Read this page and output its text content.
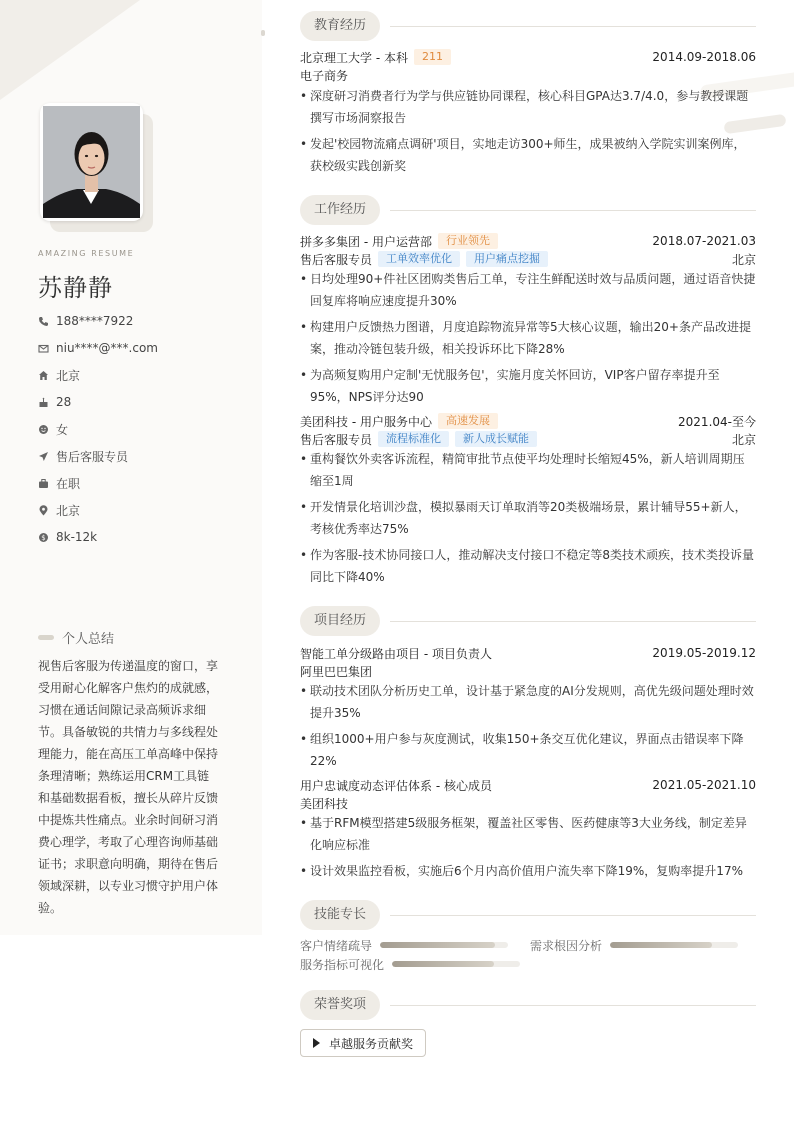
AMAZING RESUME
苏静静
188****7922
niu****@***.com
北京
28
女
售后客服专员
在职
北京
$ 8k-12k
个人总结
视售后客服为传递温度的窗口，享受用耐心化解客户焦灼的成就感，习惯在通话间隙记录高频诉求细节。具备敏锐的共情力与多线程处理能力，能在高压工单高峰中保持条理清晰；熟练运用CRM工具链和基础数据看板，擅长从碎片反馈中提炼共性痛点。业余时间研习消费心理学，考取了心理咨询师基础证书；求职意向明确，期待在售后领域深耕，以专业习惯守护用户体验。
教育经历
北京理工大学 - 本科	211	2014.09-2018.06
电子商务
• 深度研习消费者行为学与供应链协同课程，核心科目GPA达3.7/4.0，参与教授课题撰写市场洞察报告
• 发起'校园物流痛点调研'项目，实地走访300+师生，成果被纳入学院实训案例库，获校级实践创新奖
工作经历
拼多多集团 - 用户运营部	行业领先	2018.07-2021.03
售后客服专员	工单效率优化	用户痛点挖掘	北京
• 日均处理90+件社区团购类售后工单，专注生鲜配送时效与品质问题，通过语音快捷回复库将响应速度提升30%
• 构建用户反馈热力图谱，月度追踪物流异常等5大核心议题，输出20+条产品改进提案，推动冷链包装升级，相关投诉环比下降28%
• 为高频复购用户定制'无忧服务包'，实施月度关怀回访，VIP客户留存率提升至95%，NPS评分达90
美团科技 - 用户服务中心	高速发展	2021.04-至今
售后客服专员	流程标准化	新人成长赋能	北京
• 重构餐饮外卖客诉流程，精简审批节点使平均处理时长缩短45%，新人培训周期压缩至1周
• 开发情景化培训沙盘，模拟暴雨天订单取消等20类极端场景，累计辅导55+新人，考核优秀率达75%
• 作为客服-技术协同接口人，推动解决支付接口不稳定等8类技术顽疾，技术类投诉量同比下降40%
项目经历
智能工单分级路由项目 - 项目负责人	2019.05-2019.12
阿里巴巴集团
• 联动技术团队分析历史工单，设计基于紧急度的AI分发规则，高优先级问题处理时效提升35%
• 组织1000+用户参与灰度测试，收集150+条交互优化建议，界面点击错误率下降22%
用户忠诚度动态评估体系 - 核心成员	2021.05-2021.10
美团科技
• 基于RFM模型搭建5级服务框架，覆盖社区零售、医药健康等3大业务线，制定差异化响应标准
• 设计效果监控看板，实施后6个月内高价值用户流失率下降19%，复购率提升17%
技能专长
客户情绪疏导	需求根因分析
服务指标可视化
荣誉奖项
卓越服务贡献奖
